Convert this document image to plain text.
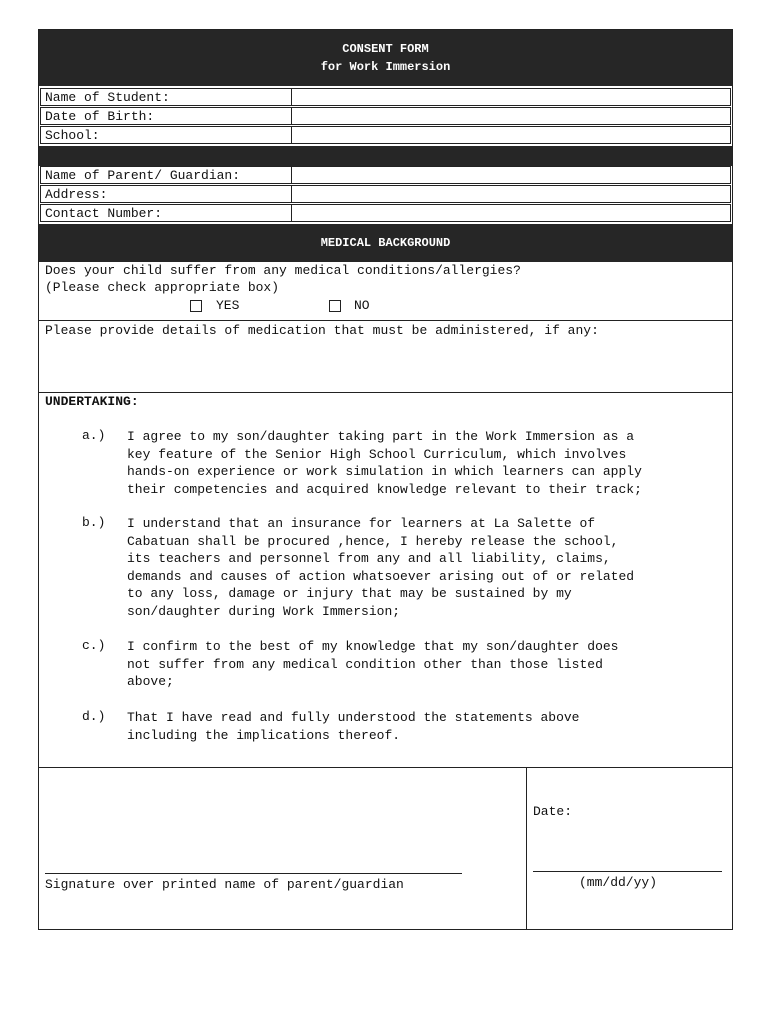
CONSENT FORM
for Work Immersion
Name of Student:
Date of Birth:
School:
Name of Parent/ Guardian:
Address:
Contact Number:
MEDICAL BACKGROUND
Does your child suffer from any medical conditions/allergies?
(Please check appropriate box)
YES	NO
Please provide details of medication that must be administered, if any:
UNDERTAKING:
a.) I agree to my son/daughter taking part in the Work Immersion as a
key feature of the Senior High School Curriculum, which involves
hands-on experience or work simulation in which learners can apply
their competencies and acquired knowledge relevant to their track;
b.) I understand that an insurance for learners at La Salette of
Cabatuan shall be procured ,hence, I hereby release the school,
its teachers and personnel from any and all liability, claims,
demands and causes of action whatsoever arising out of or related
to any loss, damage or injury that may be sustained by my
son/daughter during Work Immersion;
c.) I confirm to the best of my knowledge that my son/daughter does
not suffer from any medical condition other than those listed
above;
d.) That I have read and fully understood the statements above
including the implications thereof.
Signature over printed name of parent/guardian
Date:
(mm/dd/yy)
